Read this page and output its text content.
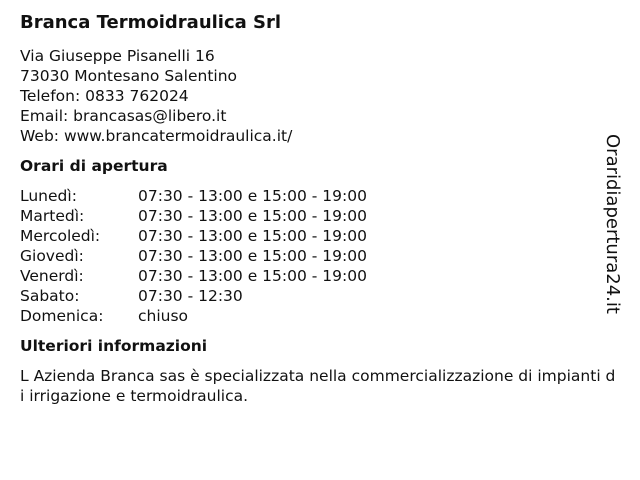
Branca Termoidraulica Srl
Via Giuseppe Pisanelli 16
73030 Montesano Salentino
Telefon: 0833 762024
Email: brancasas@libero.it
Web: www.brancatermoidraulica.it/
Orari di apertura
Lunedì:	07:30 - 13:00 e 15:00 - 19:00
Martedì:	07:30 - 13:00 e 15:00 - 19:00
Mercoledì:	07:30 - 13:00 e 15:00 - 19:00
Giovedì:	07:30 - 13:00 e 15:00 - 19:00
Venerdì:	07:30 - 13:00 e 15:00 - 19:00
Sabato:	07:30 - 12:30
Domenica:	chiuso
Ulteriori informazioni
L Azienda Branca sas è specializzata nella commercializzazione di impianti di irrigazione e termoidraulica.
Oraridiapertura24.it
